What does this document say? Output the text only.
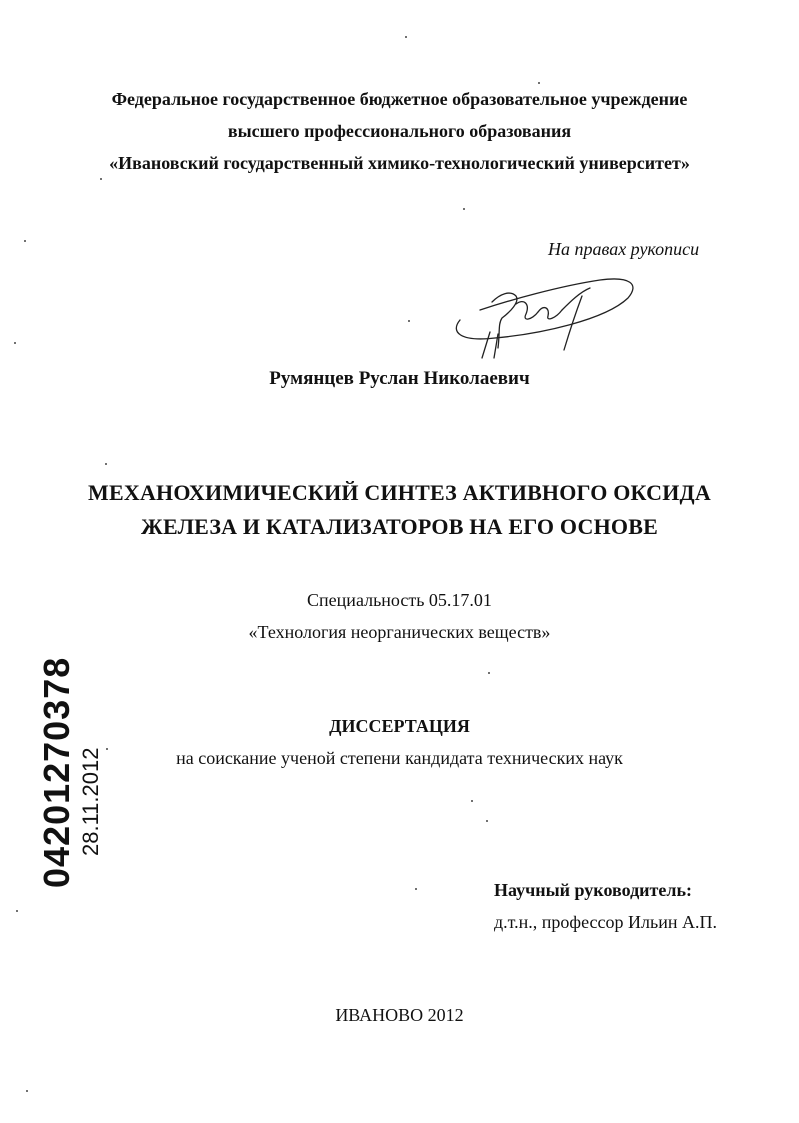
Федеральное государственное бюджетное образовательное учреждение
высшего профессионального образования
«Ивановский государственный химико-технологический университет»
На правах рукописи
Румянцев Руслан Николаевич
МЕХАНОХИМИЧЕСКИЙ СИНТЕЗ АКТИВНОГО ОКСИДА
ЖЕЛЕЗА И КАТАЛИЗАТОРОВ НА ЕГО ОСНОВЕ
Специальность 05.17.01
«Технология неорганических веществ»
ДИССЕРТАЦИЯ
на соискание ученой степени кандидата технических наук
Научный руководитель:
д.т.н., профессор Ильин А.П.
ИВАНОВО 2012
04201270378 28.11.2012
